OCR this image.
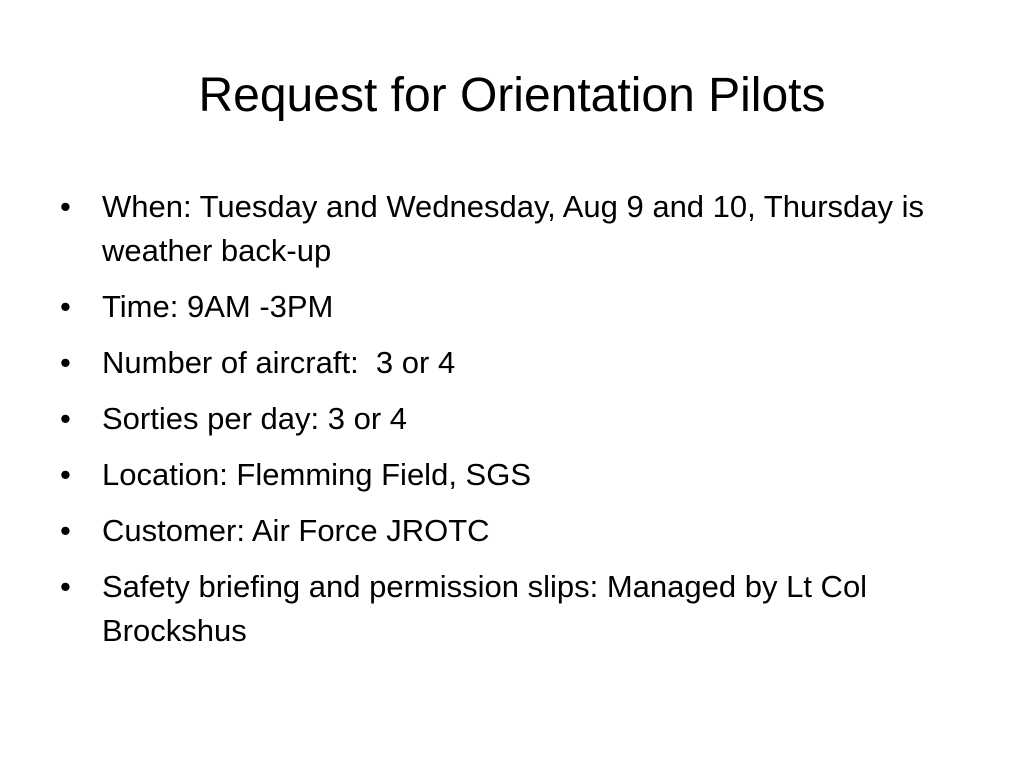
Request for Orientation Pilots
• When: Tuesday and Wednesday, Aug 9 and 10, Thursday is weather back-up
• Time: 9AM -3PM
• Number of aircraft:  3 or 4
• Sorties per day: 3 or 4
• Location: Flemming Field, SGS
• Customer: Air Force JROTC
• Safety briefing and permission slips: Managed by Lt Col Brockshus
